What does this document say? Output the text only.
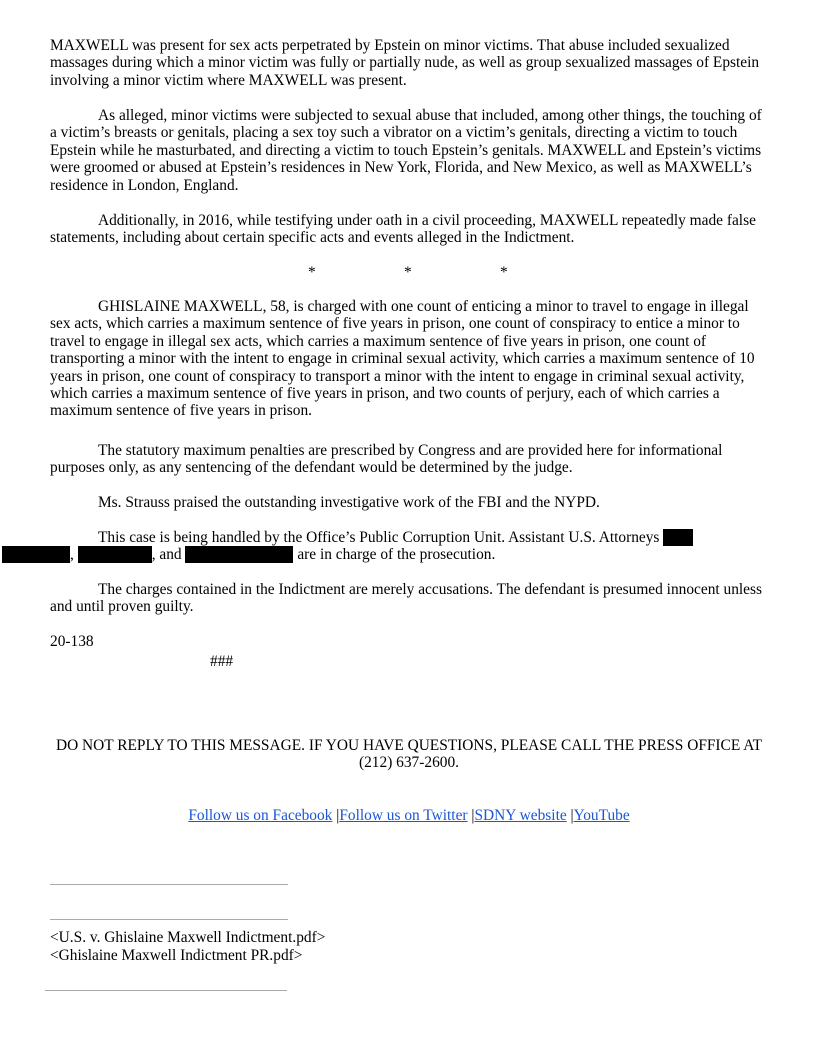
MAXWELL was present for sex acts perpetrated by Epstein on minor victims. That abuse included sexualized massages during which a minor victim was fully or partially nude, as well as group sexualized massages of Epstein involving a minor victim where MAXWELL was present.

As alleged, minor victims were subjected to sexual abuse that included, among other things, the touching of a victim’s breasts or genitals, placing a sex toy such a vibrator on a victim’s genitals, directing a victim to touch Epstein while he masturbated, and directing a victim to touch Epstein’s genitals. MAXWELL and Epstein’s victims were groomed or abused at Epstein’s residences in New York, Florida, and New Mexico, as well as MAXWELL’s residence in London, England.

Additionally, in 2016, while testifying under oath in a civil proceeding, MAXWELL repeatedly made false statements, including about certain specific acts and events alleged in the Indictment.

*	*	*

GHISLAINE MAXWELL, 58, is charged with one count of enticing a minor to travel to engage in illegal sex acts, which carries a maximum sentence of five years in prison, one count of conspiracy to entice a minor to travel to engage in illegal sex acts, which carries a maximum sentence of five years in prison, one count of transporting a minor with the intent to engage in criminal sexual activity, which carries a maximum sentence of 10 years in prison, one count of conspiracy to transport a minor with the intent to engage in criminal sexual activity, which carries a maximum sentence of five years in prison, and two counts of perjury, each of which carries a maximum sentence of five years in prison.

The statutory maximum penalties are prescribed by Congress and are provided here for informational purposes only, as any sentencing of the defendant would be determined by the judge.

Ms. Strauss praised the outstanding investigative work of the FBI and the NYPD.

This case is being handled by the Office’s Public Corruption Unit. Assistant U.S. Attorneys
,	, and	are in charge of the prosecution.

The charges contained in the Indictment are merely accusations. The defendant is presumed innocent unless and until proven guilty.

20-138

###

DO NOT REPLY TO THIS MESSAGE. IF YOU HAVE QUESTIONS, PLEASE CALL THE PRESS OFFICE AT (212) 637-2600.

Follow us on Facebook |Follow us on Twitter |SDNY website |YouTube

<U.S. v. Ghislaine Maxwell Indictment.pdf>

<Ghislaine Maxwell Indictment PR.pdf>
